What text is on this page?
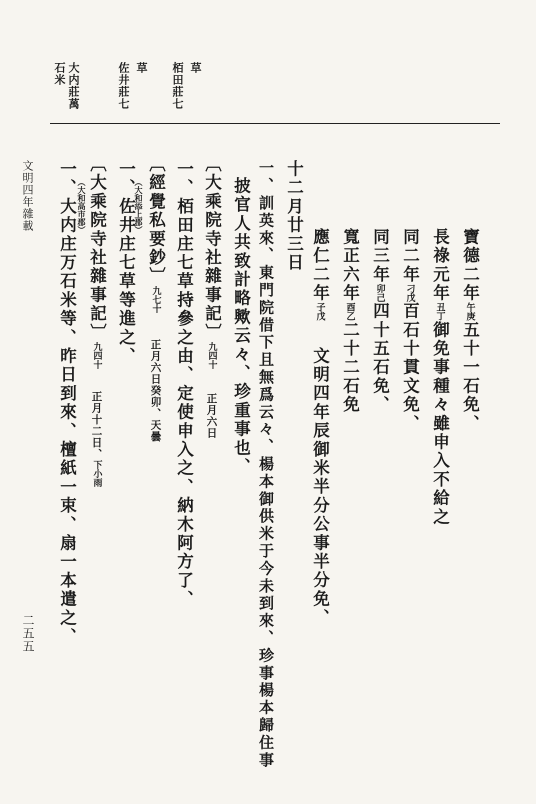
栢田莊七 草
佐井莊七 草
大内莊萬
石米
文明四年雜載
二五五
寶德二年午庚五十一石免、
長祿元年丑丁御免事種々雖申入不給之
同二年刁戊百石十貫文免、
同三年卯己四十五石免、
寬正六年酉乙二十二石免
應仁二年子戊文明四年辰御米半分公事半分免、
十二月廿三日
一、訓英來、東門院借下且無爲云々、楊本御供米于今未到來、珍事楊本歸住事
披官人共致計略歟云々、珍重事也、
〔大乘院寺社雜事記〕九四十正月六日
一、栢田庄七草持參之由、定使申入之、納木阿方了、
〔經覺私要鈔〕九七十正月六日癸卯、天曇
（大和添上郡）
一、佐井庄七草等進之、
〔大乘院寺社雜事記〕九四十正月十二日、下小雨
（大和高市郡）
一、大内庄万石米等、昨日到來、檀紙一束、扇一本遣之、
